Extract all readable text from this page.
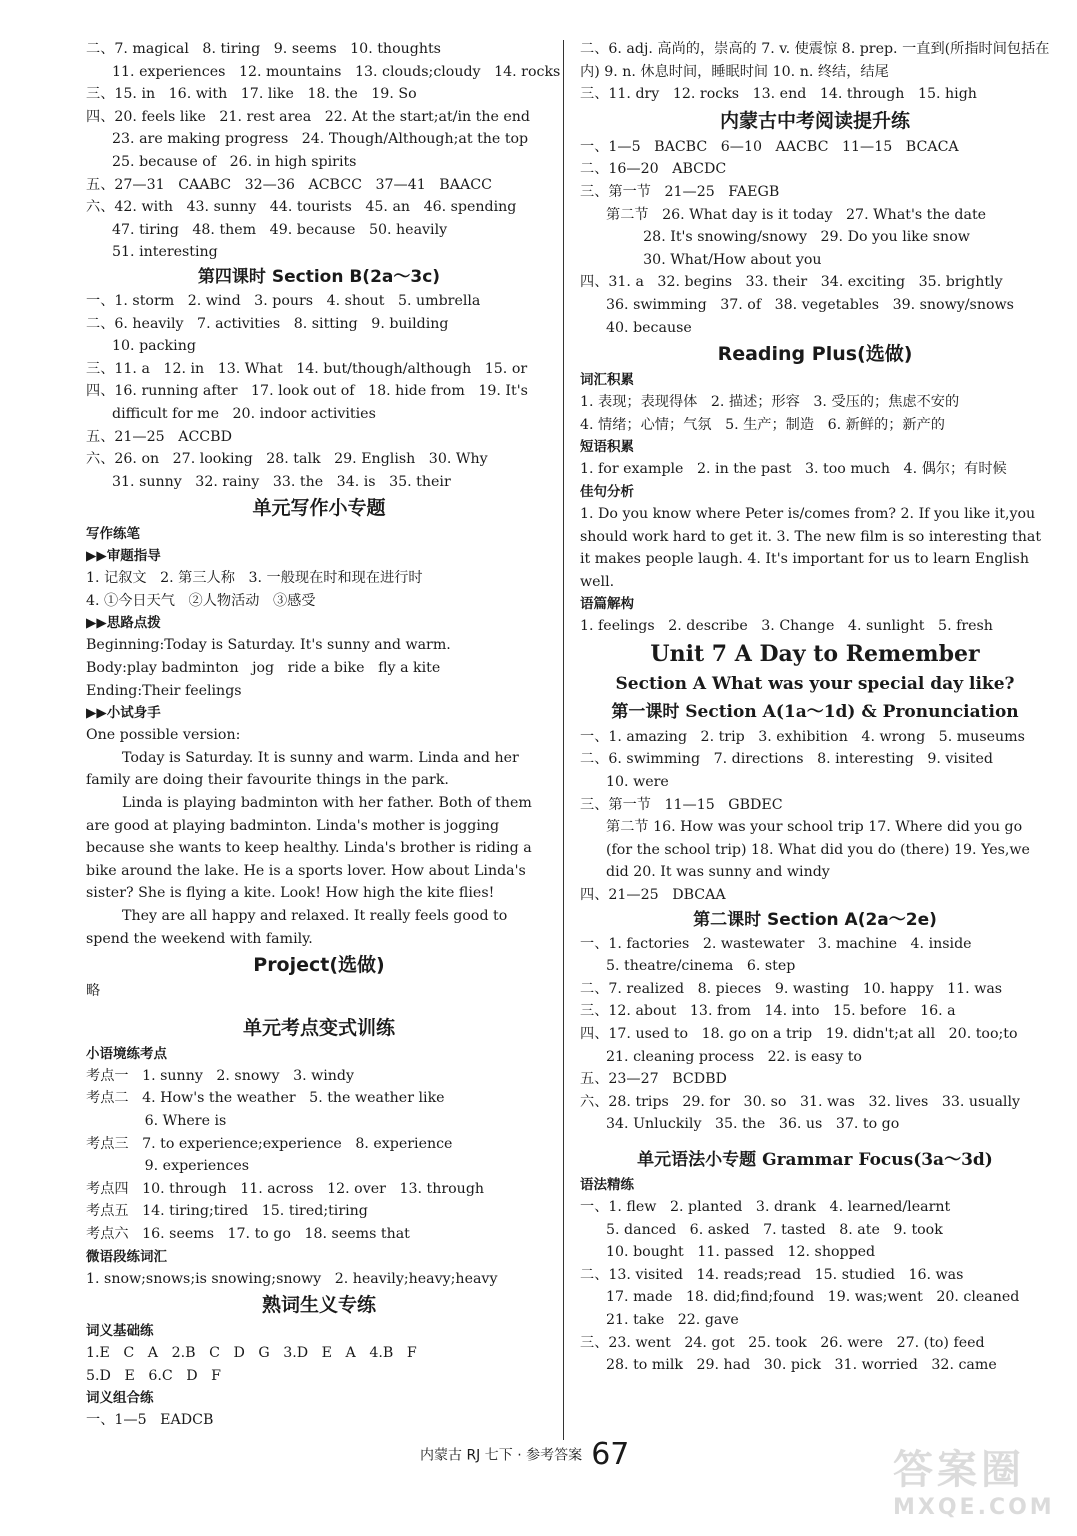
二、7. magical   8. tiring   9. seems   10. thoughts
11. experiences   12. mountains   13. clouds;cloudy   14. rocks
三、15. in   16. with   17. like   18. the   19. So
四、20. feels like   21. rest area   22. At the start;at/in the end
23. are making progress   24. Though/Although;at the top
25. because of   26. in high spirits
五、27—31   CAABC   32—36   ACBCC   37—41   BAACC
六、42. with   43. sunny   44. tourists   45. an   46. spending
47. tiring   48. them   49. because   50. heavily
51. interesting
第四课时 Section B(2a～3c)
一、1. storm   2. wind   3. pours   4. shout   5. umbrella
二、6. heavily   7. activities   8. sitting   9. building
10. packing
三、11. a   12. in   13. What   14. but/though/although   15. or
四、16. running after   17. look out of   18. hide from   19. It's
difficult for me   20. indoor activities
五、21—25   ACCBD
六、26. on   27. looking   28. talk   29. English   30. Why
31. sunny   32. rainy   33. the   34. is   35. their
单元写作小专题
写作练笔
▶▶审题指导
1. 记叙文   2. 第三人称   3. 一般现在时和现在进行时
4. ①今日天气   ②人物活动   ③感受
▶▶思路点拨
Beginning:Today is Saturday. It's sunny and warm.
Body:play badminton   jog   ride a bike   fly a kite
Ending:Their feelings
▶▶小试身手
One possible version:
Today is Saturday. It is sunny and warm. Linda and her family are doing their favourite things in the park.
Linda is playing badminton with her father. Both of them are good at playing badminton. Linda's mother is jogging because she wants to keep healthy. Linda's brother is riding a bike around the lake. He is a sports lover. How about Linda's sister? She is flying a kite. Look! How high the kite flies!
They are all happy and relaxed. It really feels good to spend the weekend with family.
Project(选做)
略
单元考点变式训练
小语境练考点
考点一   1. sunny   2. snowy   3. windy
考点二   4. How's the weather   5. the weather like
6. Where is
考点三   7. to experience;experience   8. experience
9. experiences
考点四   10. through   11. across   12. over   13. through
考点五   14. tiring;tired   15. tired;tiring
考点六   16. seems   17. to go   18. seems that
微语段练词汇
1. snow;snows;is snowing;snowy   2. heavily;heavy;heavy
熟词生义专练
词义基础练
1.E   C   A   2.B   C   D   G   3.D   E   A   4.B   F
5.D   E   6.C   D   F
词义组合练
一、1—5   EADCB
二、6. adj. 高尚的，崇高的 7. v. 使震惊 8. prep. 一直到(所指时间包括在内) 9. n. 休息时间，睡眠时间 10. n. 终结，结尾
三、11. dry   12. rocks   13. end   14. through   15. high
内蒙古中考阅读提升练
一、1—5   BACBC   6—10   AACBC   11—15   BCACA
二、16—20   ABCDC
三、第一节   21—25   FAEGB
第二节   26. What day is it today   27. What's the date
28. It's snowing/snowy   29. Do you like snow
30. What/How about you
四、31. a   32. begins   33. their   34. exciting   35. brightly
36. swimming   37. of   38. vegetables   39. snowy/snows
40. because
Reading Plus(选做)
词汇积累
1. 表现；表现得体   2. 描述；形容   3. 受压的；焦虑不安的
4. 情绪；心情；气氛   5. 生产；制造   6. 新鲜的；新产的
短语积累
1. for example   2. in the past   3. too much   4. 偶尔；有时候
佳句分析
1. Do you know where Peter is/comes from? 2. If you like it,you should work hard to get it. 3. The new film is so interesting that it makes people laugh. 4. It's important for us to learn English well.
语篇解构
1. feelings   2. describe   3. Change   4. sunlight   5. fresh
Unit 7 A Day to Remember
Section A What was your special day like?
第一课时 Section A(1a～1d) & Pronunciation
一、1. amazing   2. trip   3. exhibition   4. wrong   5. museums
二、6. swimming   7. directions   8. interesting   9. visited
10. were
三、第一节   11—15   GBDEC
第二节 16. How was your school trip 17. Where did you go (for the school trip) 18. What did you do (there) 19. Yes,we did 20. It was sunny and windy
四、21—25   DBCAA
第二课时 Section A(2a～2e)
一、1. factories   2. wastewater   3. machine   4. inside
5. theatre/cinema   6. step
二、7. realized   8. pieces   9. wasting   10. happy   11. was
三、12. about   13. from   14. into   15. before   16. a
四、17. used to   18. go on a trip   19. didn't;at all   20. too;to
21. cleaning process   22. is easy to
五、23—27   BCDBD
六、28. trips   29. for   30. so   31. was   32. lives   33. usually
34. Unluckily   35. the   36. us   37. to go
单元语法小专题 Grammar Focus(3a～3d)
语法精练
一、1. flew   2. planted   3. drank   4. learned/learnt
5. danced   6. asked   7. tasted   8. ate   9. took
10. bought   11. passed   12. shopped
二、13. visited   14. reads;read   15. studied   16. was
17. made   18. did;find;found   19. was;went   20. cleaned
21. take   22. gave
三、23. went   24. got   25. took   26. were   27. (to) feed
28. to milk   29. had   30. pick   31. worried   32. came
内蒙古 RJ 七下 · 参考答案 67	答案圈
MXQE.COM
